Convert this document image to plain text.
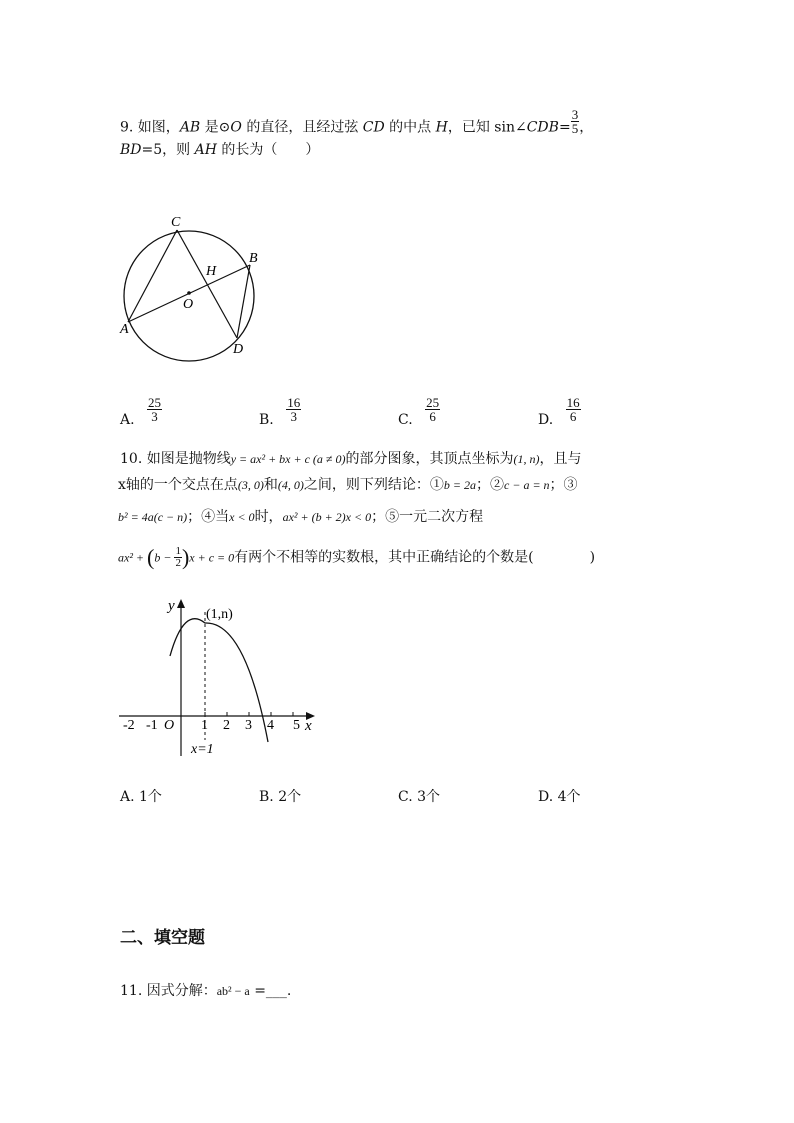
9. 如图，AB 是⊙O 的直径，且经过弦 CD 的中点 H，已知 sin∠CDB= $\frac{3}{5}$ ，
BD=5，则 AH 的长为（　　）
C
B
H
O
A
D
A. $\frac{25}{3}$	B. $\frac{16}{3}$	C. $\frac{25}{6}$	D. $\frac{16}{6}$
10. 如图是抛物线y = ax² + bx + c (a ≠ 0)的部分图象，其顶点坐标为(1, n)，且与
x轴的一个交点在点(3, 0)和(4, 0)之间，则下列结论：①b = 2a；②c − a = n；③
b² = 4a(c − n)；④当x < 0时，ax² + (b + 2)x < 0；⑤一元二次方程
$ax^2 + (b - \frac{1}{2} )x + c = 0$有两个不相等的实数根，其中正确结论的个数是(　　　　)
y
(1,n)
O
-2 -1	1 2 3 4 5 x
x=1
A. 1个	B. 2个	C. 3个	D. 4个
二、填空题
11. 因式分解：ab² − a =___.
